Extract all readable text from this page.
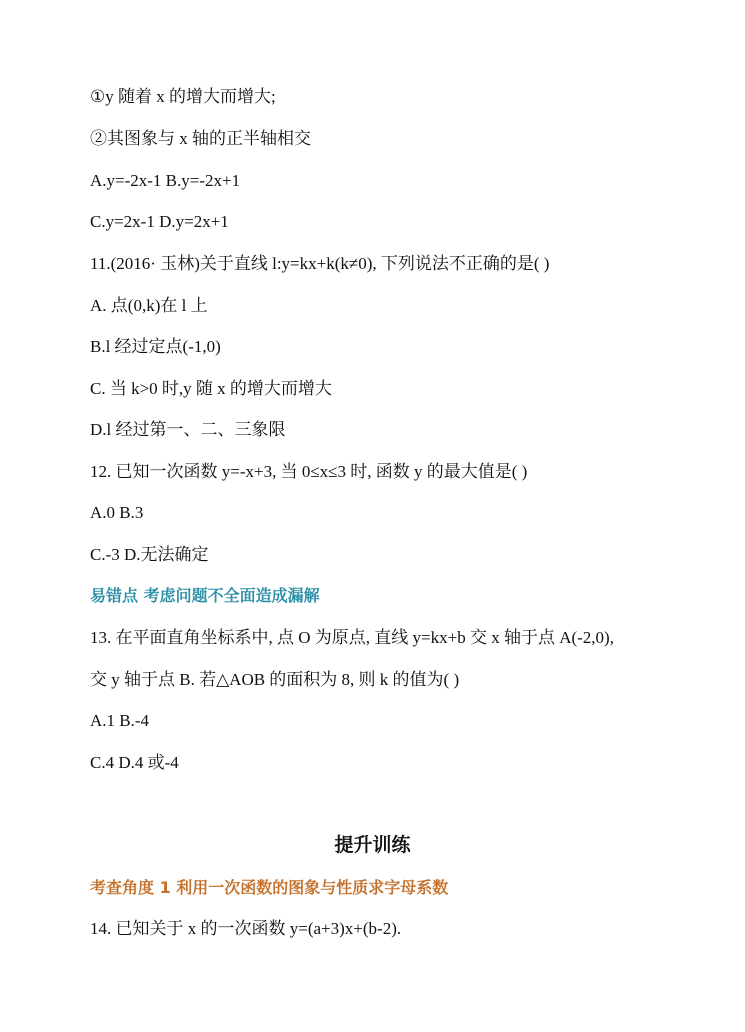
①y 随着 x 的增大而增大;
②其图象与 x 轴的正半轴相交
A.y=-2x-1 B.y=-2x+1
C.y=2x-1 D.y=2x+1
11.(2016· 玉林)关于直线 l:y=kx+k(k≠0), 下列说法不正确的是( )
A. 点(0,k)在 l 上
B.l 经过定点(-1,0)
C. 当 k>0 时,y 随 x 的增大而增大
D.l 经过第一、二、三象限
12. 已知一次函数 y=-x+3, 当 0≤x≤3 时, 函数 y 的最大值是( )
A.0 B.3
C.-3 D.无法确定
易错点 考虑问题不全面造成漏解
13. 在平面直角坐标系中, 点 O 为原点, 直线 y=kx+b 交 x 轴于点 A(-2,0),
交 y 轴于点 B. 若△AOB 的面积为 8, 则 k 的值为( )
A.1 B.-4
C.4 D.4 或-4
提升训练
考查角度 1 利用一次函数的图象与性质求字母系数
14. 已知关于 x 的一次函数 y=(a+3)x+(b-2).
